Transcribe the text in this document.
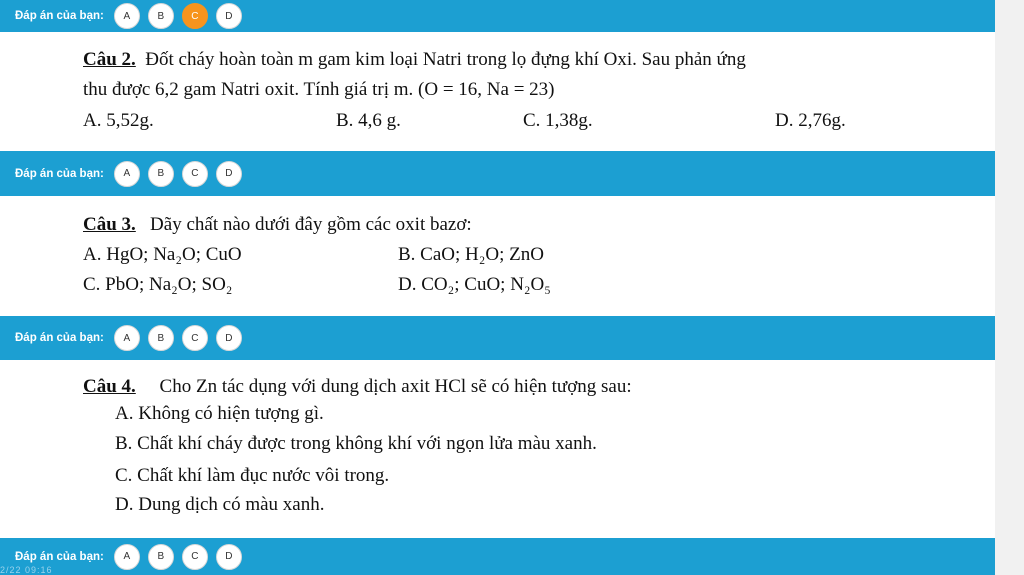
Đáp án của bạn:	A	B	C	D
Câu 2. Đốt cháy hoàn toàn m gam kim loại Natri trong lọ đựng khí Oxi. Sau phản ứng
thu được 6,2 gam Natri oxit. Tính giá trị m. (O = 16, Na = 23)
A. 5,52g.	B. 4,6 g.	C. 1,38g.	D. 2,76g.
Đáp án của bạn:	A	B	C	D
Câu 3. Dãy chất nào dưới đây gồm các oxit bazơ:
A. HgO; Na₂O; CuO	B. CaO; H₂O; ZnO
C. PbO; Na₂O; SO₂	D. CO₂; CuO; N₂O₅
Đáp án của bạn:	A	B	C	D
Câu 4. Cho Zn tác dụng với dung dịch axit HCl sẽ có hiện tượng sau:
A. Không có hiện tượng gì.
B. Chất khí cháy được trong không khí với ngọn lửa màu xanh.
C. Chất khí làm đục nước vôi trong.
D. Dung dịch có màu xanh.
Đáp án của bạn:	A	B	C	D
2/22 09:16
